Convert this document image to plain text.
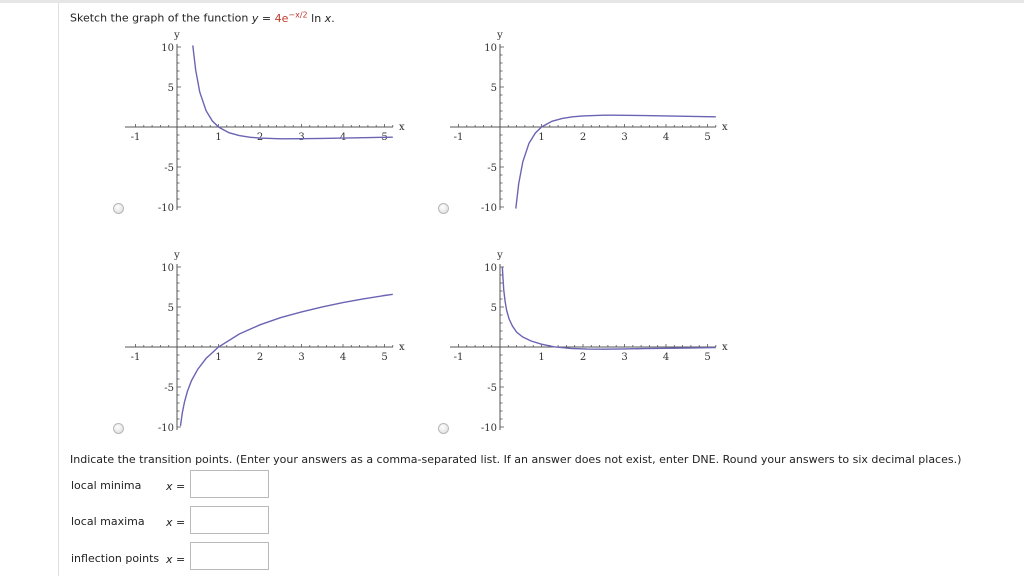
Sketch the graph of the function $y = 4e^{-x/2}$ ln x.
-1	1	2	3	4	5
10
5
-5
-10
x
y
-1	1	2	3	4	5
10
5
-5
-10
x
y
-1	1	2	3	4	5
10
5
-5
-10
x
y
-1	1	2	3	4	5
10
5
-5
-10
x
y
Indicate the transition points. (Enter your answers as a comma-separated list. If an answer does not exist, enter DNE. Round your answers to six decimal places.)
local minima x =
local maxima x =
inflection points x =
